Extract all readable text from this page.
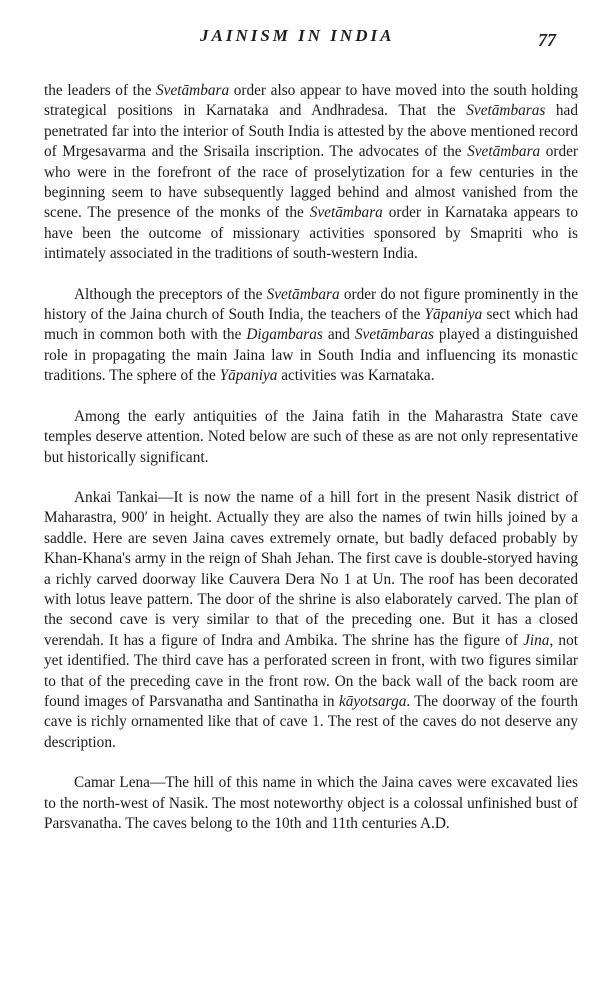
JAINISM IN INDIA	77

the leaders of the Svetāmbara order also appear to have moved into the south holding strategical positions in Karnataka and Andhradesa. That the Svetāmbaras had penetrated far into the interior of South India is attested by the above mentioned record of Mrgesavarma and the Srisaila inscription. The advocates of the Svetāmbara order who were in the forefront of the race of proselytization for a few centuries in the beginning seem to have subsequently lagged behind and almost vanished from the scene. The presence of the monks of the Svetāmbara order in Karnataka appears to have been the outcome of missionary activities sponsored by Smapriti who is intimately associated in the traditions of south-western India.

Although the preceptors of the Svetāmbara order do not figure prominently in the history of the Jaina church of South India, the teachers of the Yāpaniya sect which had much in common both with the Digambaras and Svetāmbaras played a distinguished role in propagating the main Jaina law in South India and influencing its monastic traditions. The sphere of the Yāpaniya activities was Karnataka.

Among the early antiquities of the Jaina fatih in the Maharastra State cave temples deserve attention. Noted below are such of these as are not only representative but historically significant.

Ankai Tankai—It is now the name of a hill fort in the present Nasik district of Maharastra, 900′ in height. Actually they are also the names of twin hills joined by a saddle. Here are seven Jaina caves extremely ornate, but badly defaced probably by Khan-Khana's army in the reign of Shah Jehan. The first cave is double-storyed having a richly carved doorway like Cauvera Dera No 1 at Un. The roof has been decorated with lotus leave pattern. The door of the shrine is also elaborately carved. The plan of the second cave is very similar to that of the preceding one. But it has a closed verendah. It has a figure of Indra and Ambika. The shrine has the figure of Jina, not yet identified. The third cave has a perforated screen in front, with two figures similar to that of the preceding cave in the front row. On the back wall of the back room are found images of Parsvanatha and Santinatha in kāyotsarga. The doorway of the fourth cave is richly ornamented like that of cave 1. The rest of the caves do not deserve any description.

Camar Lena—The hill of this name in which the Jaina caves were excavated lies to the north-west of Nasik. The most noteworthy object is a colossal unfinished bust of Parsvanatha. The caves belong to the 10th and 11th centuries A.D.
